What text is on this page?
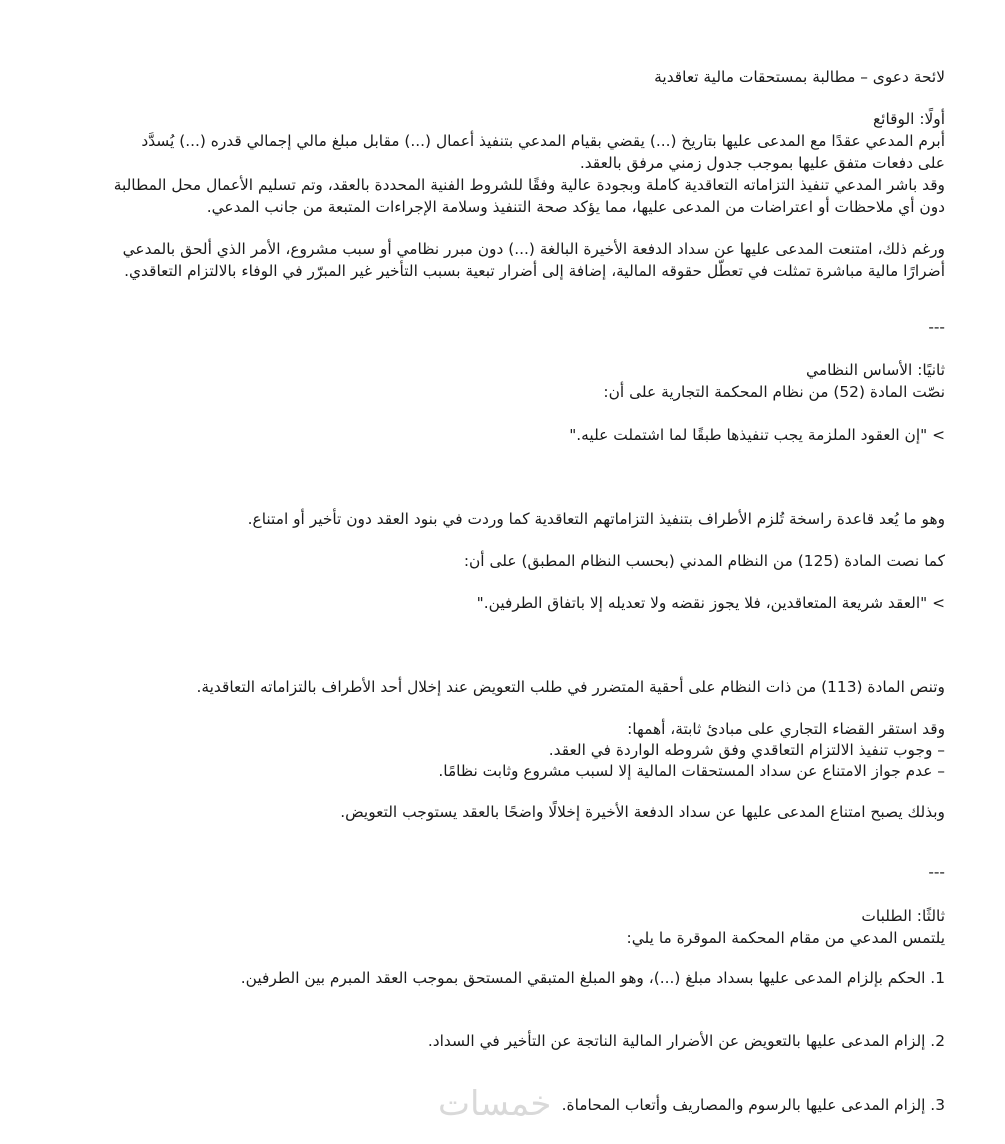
لائحة دعوى – مطالبة بمستحقات مالية تعاقدية

أولًا: الوقائع

أبرم المدعي عقدًا مع المدعى عليها بتاريخ (...) يقضي بقيام المدعي بتنفيذ أعمال (...) مقابل مبلغ مالي إجمالي قدره (...) يُسدَّد

على دفعات متفق عليها بموجب جدول زمني مرفق بالعقد.

وقد باشر المدعي تنفيذ التزاماته التعاقدية كاملة وبجودة عالية وفقًا للشروط الفنية المحددة بالعقد، وتم تسليم الأعمال محل المطالبة

دون أي ملاحظات أو اعتراضات من المدعى عليها، مما يؤكد صحة التنفيذ وسلامة الإجراءات المتبعة من جانب المدعي.

ورغم ذلك، امتنعت المدعى عليها عن سداد الدفعة الأخيرة البالغة (...) دون مبرر نظامي أو سبب مشروع، الأمر الذي ألحق بالمدعي

أضرارًا مالية مباشرة تمثلت في تعطّل حقوقه المالية، إضافة إلى أضرار تبعية بسبب التأخير غير المبرّر في الوفاء بالالتزام التعاقدي.

---

ثانيًا: الأساس النظامي

نصّت المادة (52) من نظام المحكمة التجارية على أن:

> "إن العقود الملزمة يجب تنفيذها طبقًا لما اشتملت عليه."

وهو ما يُعد قاعدة راسخة تُلزم الأطراف بتنفيذ التزاماتهم التعاقدية كما وردت في بنود العقد دون تأخير أو امتناع.

كما نصت المادة (125) من النظام المدني (بحسب النظام المطبق) على أن:

> "العقد شريعة المتعاقدين، فلا يجوز نقضه ولا تعديله إلا باتفاق الطرفين."

وتنص المادة (113) من ذات النظام على أحقية المتضرر في طلب التعويض عند إخلال أحد الأطراف بالتزاماته التعاقدية.

وقد استقر القضاء التجاري على مبادئ ثابتة، أهمها:

– وجوب تنفيذ الالتزام التعاقدي وفق شروطه الواردة في العقد.

– عدم جواز الامتناع عن سداد المستحقات المالية إلا لسبب مشروع وثابت نظامًا.

وبذلك يصبح امتناع المدعى عليها عن سداد الدفعة الأخيرة إخلالًا واضحًا بالعقد يستوجب التعويض.

---

ثالثًا: الطلبات

يلتمس المدعي من مقام المحكمة الموقرة ما يلي:

1. الحكم بإلزام المدعى عليها بسداد مبلغ (...)، وهو المبلغ المتبقي المستحق بموجب العقد المبرم بين الطرفين.

2. إلزام المدعى عليها بالتعويض عن الأضرار المالية الناتجة عن التأخير في السداد.

3. إلزام المدعى عليها بالرسوم والمصاريف وأتعاب المحاماة.

خمسات
